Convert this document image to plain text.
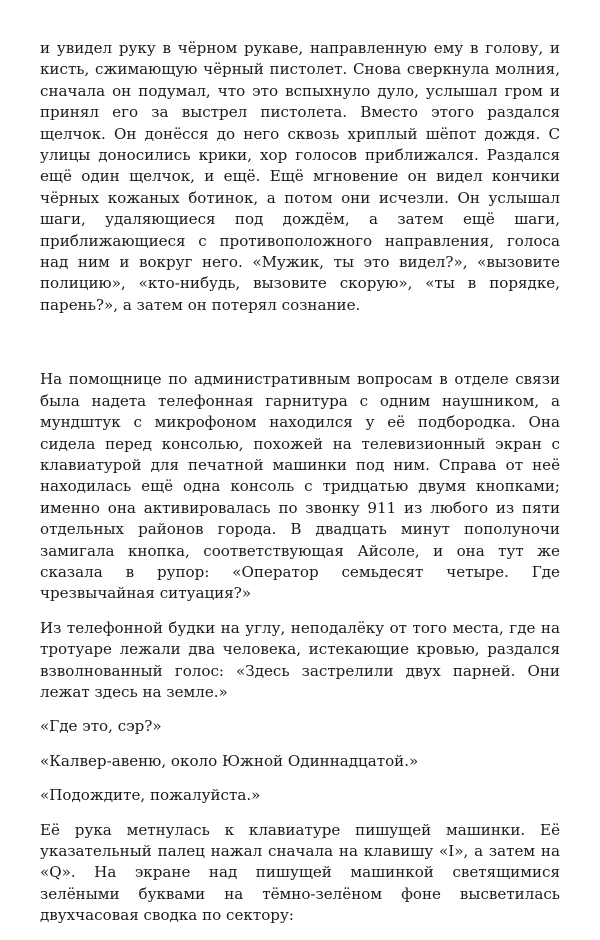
и увидел руку в чёрном рукаве, направленную ему в голову, и кисть, сжимающую чёрный пистолет. Снова сверкнула молния, сначала он подумал, что это вспыхнуло дуло, услышал гром и принял его за выстрел пистолета. Вместо этого раздался щелчок. Он донёсся до него сквозь хриплый шёпот дождя. С улицы доносились крики, хор голосов приближался. Раздался ещё один щелчок, и ещё. Ещё мгновение он видел кончики чёрных кожаных ботинок, а потом они исчезли. Он услышал шаги, удаляющиеся под дождём, а затем ещё шаги, приближающиеся с противоположного направления, голоса над ним и вокруг него. «Мужик, ты это видел?», «вызовите полицию», «кто-нибудь, вызовите скорую», «ты в порядке, парень?», а затем он потерял сознание.

На помощнице по административным вопросам в отделе связи была надета телефонная гарнитура с одним наушником, а мундштук с микрофоном находился у её подбородка. Она сидела перед консолью, похожей на телевизионный экран с клавиатурой для печатной машинки под ним. Справа от неё находилась ещё одна консоль с тридцатью двумя кнопками; именно она активировалась по звонку 911 из любого из пяти отдельных районов города. В двадцать минут пополуночи замигала кнопка, соответствующая Айсоле, и она тут же сказала в рупор: «Оператор семьдесят четыре. Где чрезвычайная ситуация?»

Из телефонной будки на углу, неподалёку от того места, где на тротуаре лежали два человека, истекающие кровью, раздался взволнованный голос: «Здесь застрелили двух парней. Они лежат здесь на земле.»

«Где это, сэр?»

«Калвер-авеню, около Южной Одиннадцатой.»

«Подождите, пожалуйста.»

Её рука метнулась к клавиатуре пишущей машинки. Её указательный палец нажал сначала на клавишу «I», а затем на «Q». На экране над пишущей машинкой светящимися зелёными буквами на тёмно-зелёном фоне высветилась двухчасовая сводка по сектору:
